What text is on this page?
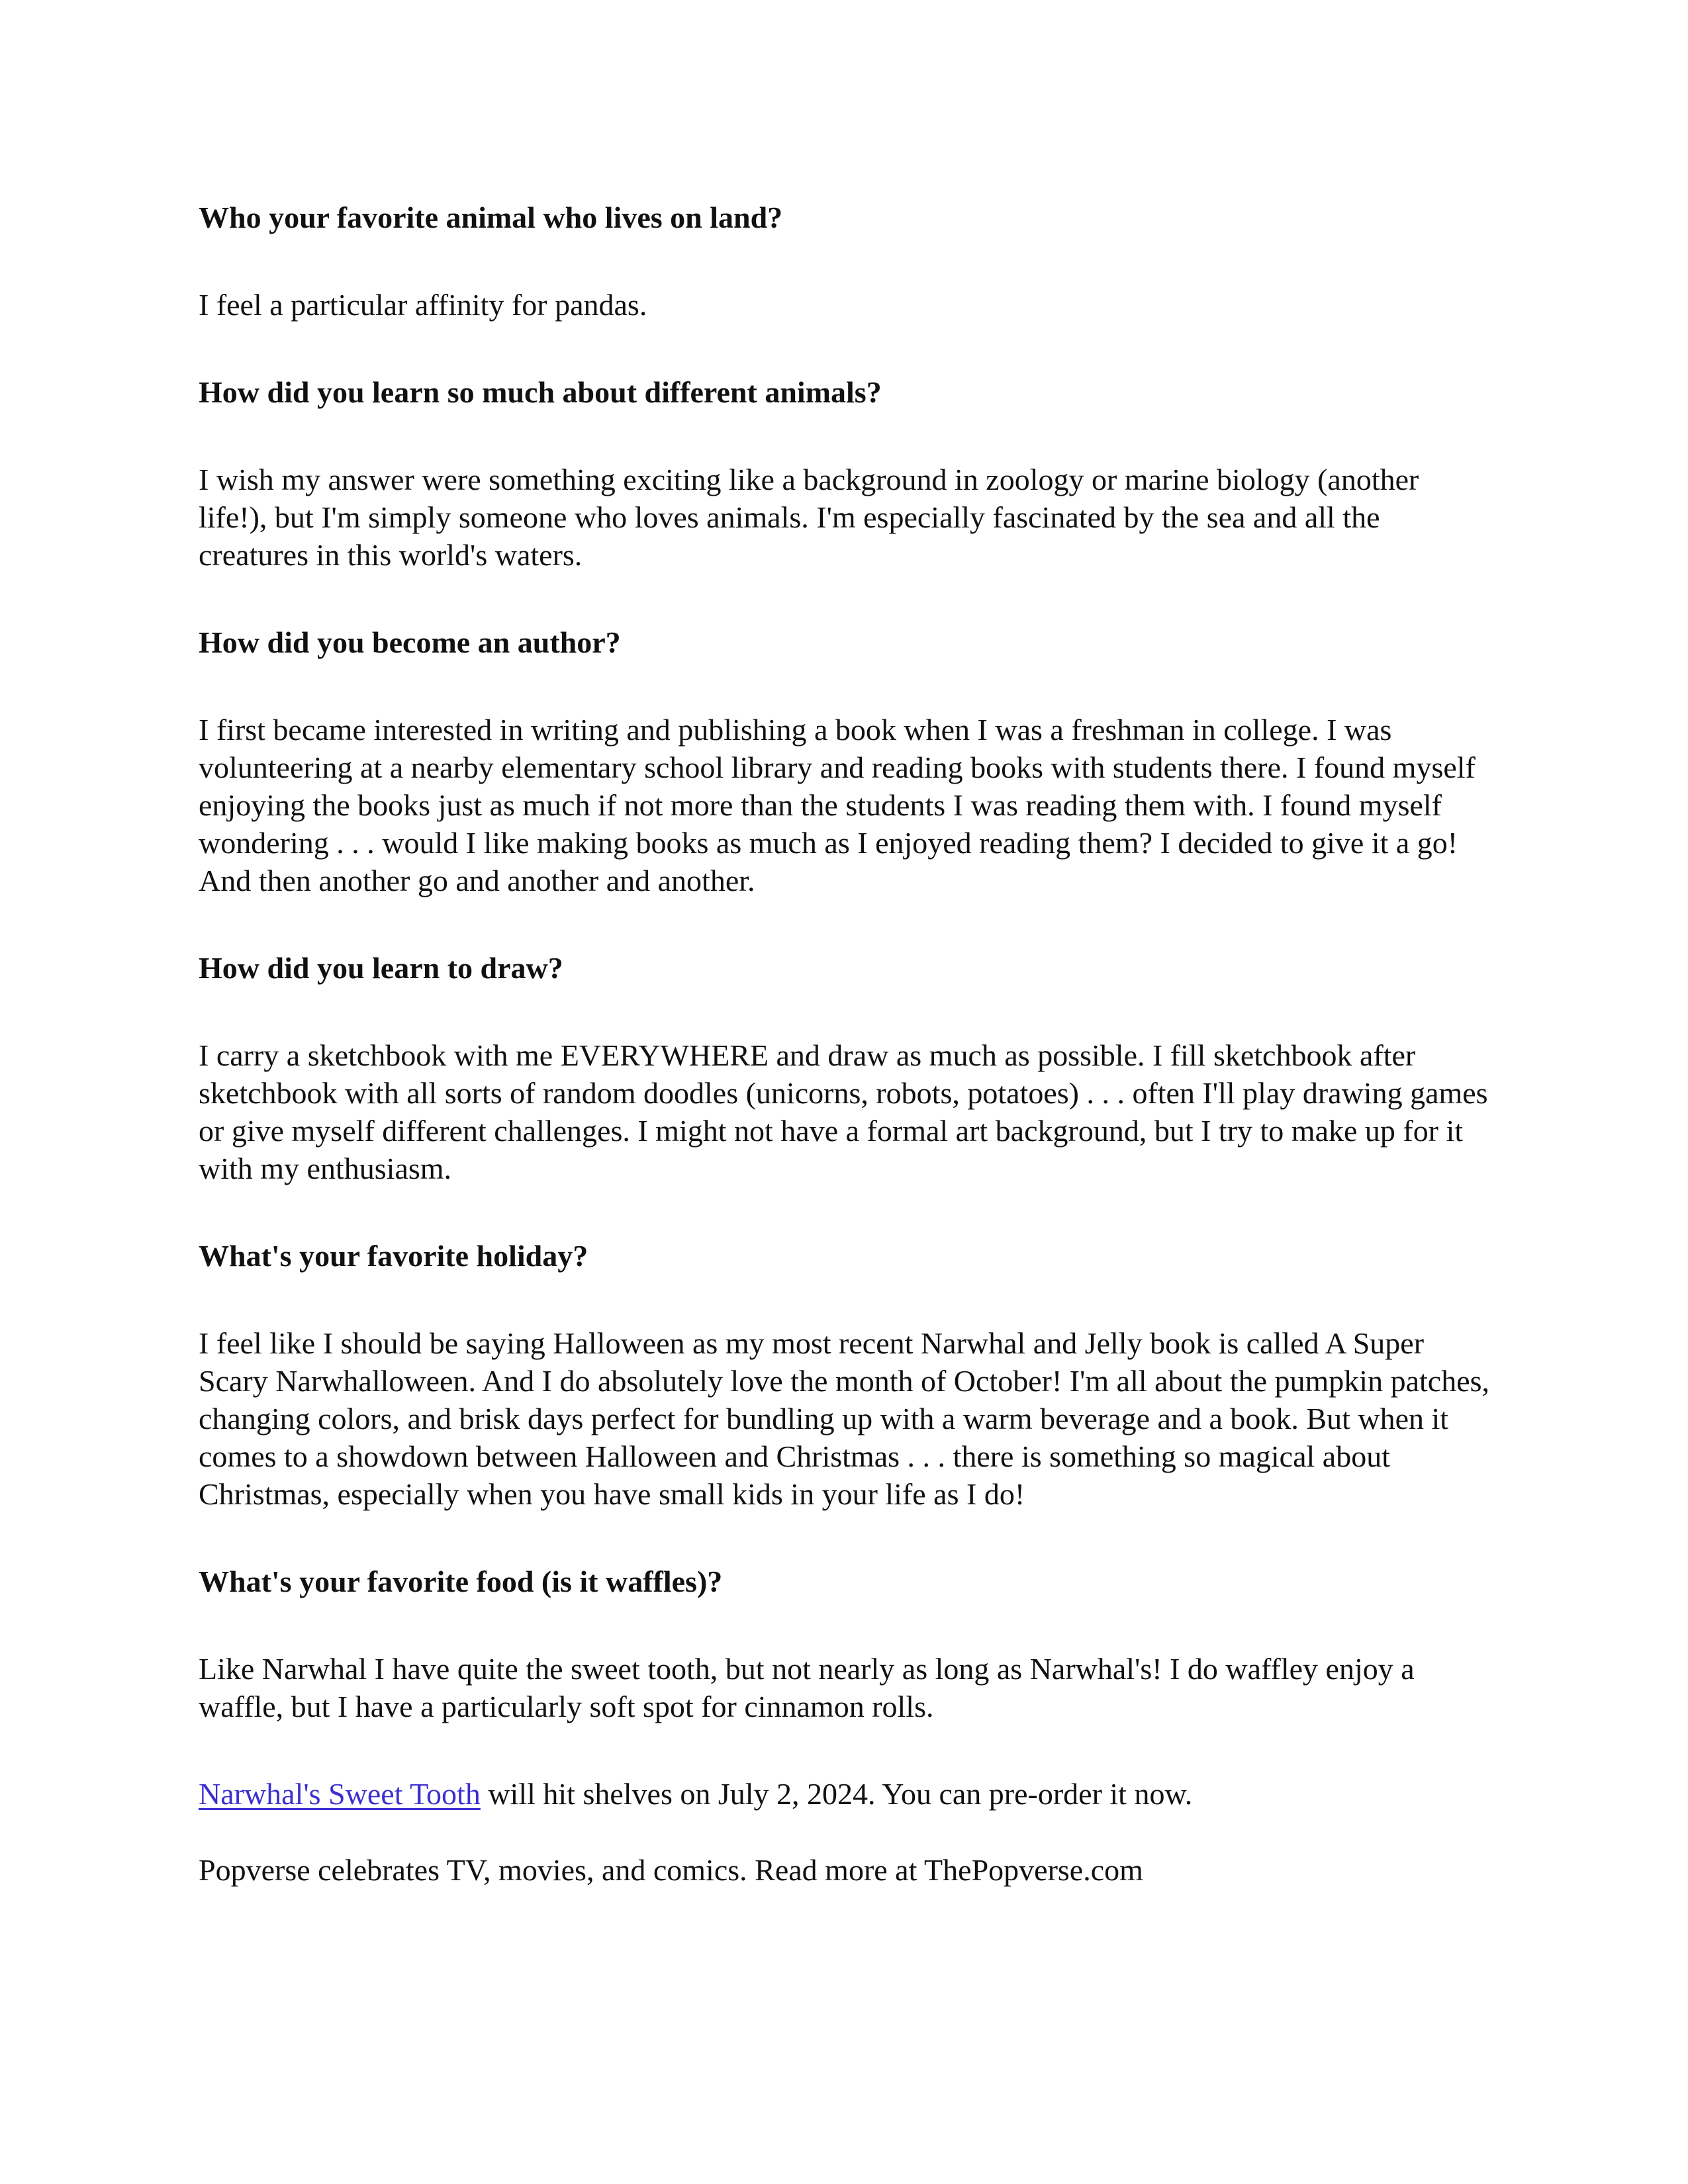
Who your favorite animal who lives on land?

I feel a particular affinity for pandas.

How did you learn so much about different animals?

I wish my answer were something exciting like a background in zoology or marine biology (another life!), but I'm simply someone who loves animals. I'm especially fascinated by the sea and all the creatures in this world's waters.

How did you become an author?

I first became interested in writing and publishing a book when I was a freshman in college. I was volunteering at a nearby elementary school library and reading books with students there. I found myself enjoying the books just as much if not more than the students I was reading them with. I found myself wondering . . . would I like making books as much as I enjoyed reading them? I decided to give it a go! And then another go and another and another.

How did you learn to draw?

I carry a sketchbook with me EVERYWHERE and draw as much as possible. I fill sketchbook after sketchbook with all sorts of random doodles (unicorns, robots, potatoes) . . . often I'll play drawing games or give myself different challenges. I might not have a formal art background, but I try to make up for it with my enthusiasm.

What's your favorite holiday?

I feel like I should be saying Halloween as my most recent Narwhal and Jelly book is called A Super Scary Narwhalloween. And I do absolutely love the month of October! I'm all about the pumpkin patches, changing colors, and brisk days perfect for bundling up with a warm beverage and a book. But when it comes to a showdown between Halloween and Christmas . . . there is something so magical about Christmas, especially when you have small kids in your life as I do!

What's your favorite food (is it waffles)?

Like Narwhal I have quite the sweet tooth, but not nearly as long as Narwhal's! I do waffley enjoy a waffle, but I have a particularly soft spot for cinnamon rolls.

Narwhal's Sweet Tooth will hit shelves on July 2, 2024. You can pre-order it now.

Popverse celebrates TV, movies, and comics. Read more at ThePopverse.com
